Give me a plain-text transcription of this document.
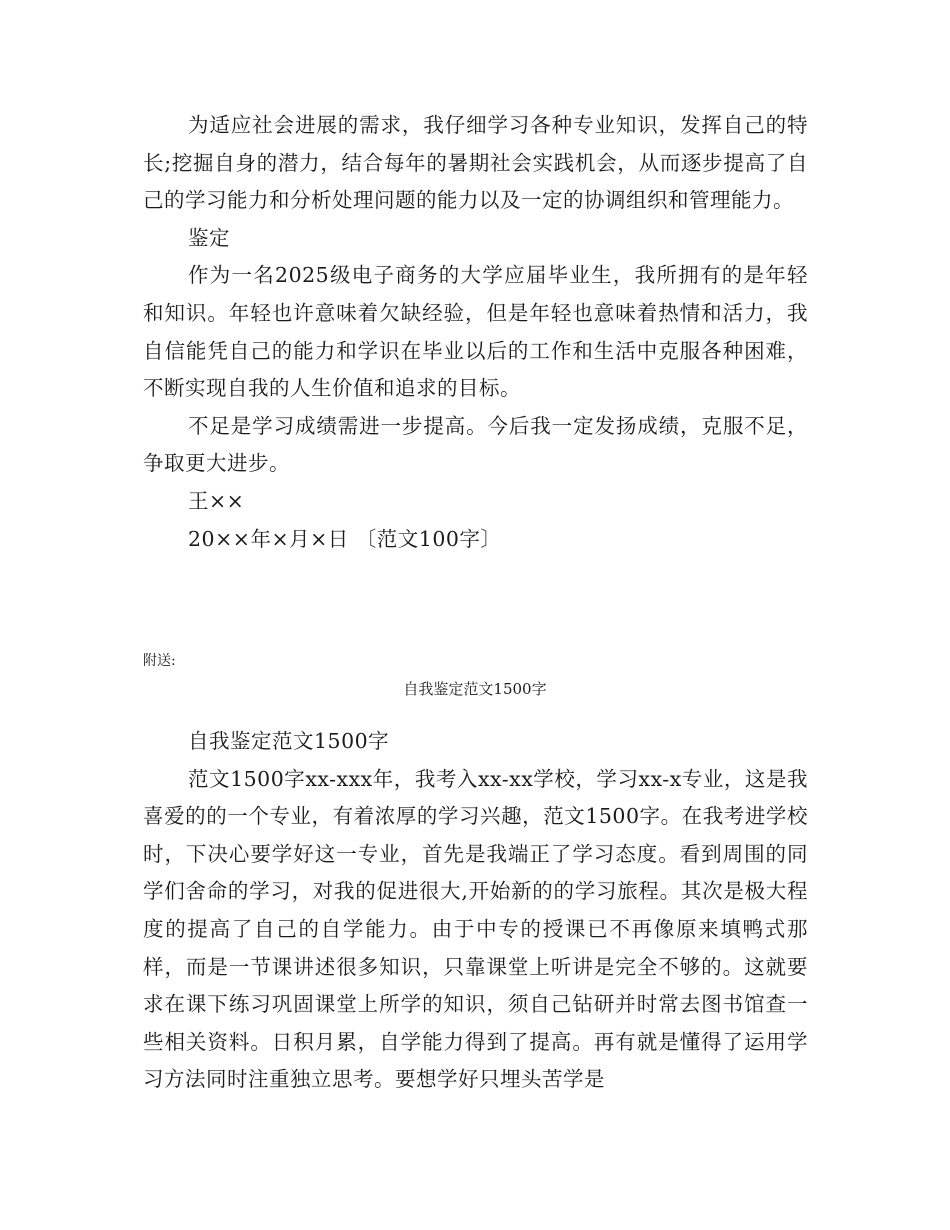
为适应社会进展的需求，我仔细学习各种专业知识，发挥自己的特长;挖掘自身的潜力，结合每年的暑期社会实践机会，从而逐步提高了自己的学习能力和分析处理问题的能力以及一定的协调组织和管理能力。

鉴定

作为一名2025级电子商务的大学应届毕业生，我所拥有的是年轻和知识。年轻也许意味着欠缺经验，但是年轻也意味着热情和活力，我自信能凭自己的能力和学识在毕业以后的工作和生活中克服各种困难，不断实现自我的人生价值和追求的目标。

不足是学习成绩需进一步提高。今后我一定发扬成绩，克服不足，争取更大进步。

王××

20××年×月×日 〔范文100字〕

附送:
自我鉴定范文1500字

自我鉴定范文1500字

范文1500字xx-xxx年，我考入xx-xx学校，学习xx-x专业，这是我喜爱的的一个专业，有着浓厚的学习兴趣，范文1500字。在我考进学校时，下决心要学好这一专业，首先是我端正了学习态度。看到周围的同学们舍命的学习，对我的促进很大,开始新的的学习旅程。其次是极大程度的提高了自己的自学能力。由于中专的授课已不再像原来填鸭式那样，而是一节课讲述很多知识，只靠课堂上听讲是完全不够的。这就要求在课下练习巩固课堂上所学的知识，须自己钻研并时常去图书馆查一些相关资料。日积月累，自学能力得到了提高。再有就是懂得了运用学习方法同时注重独立思考。要想学好只埋头苦学是
